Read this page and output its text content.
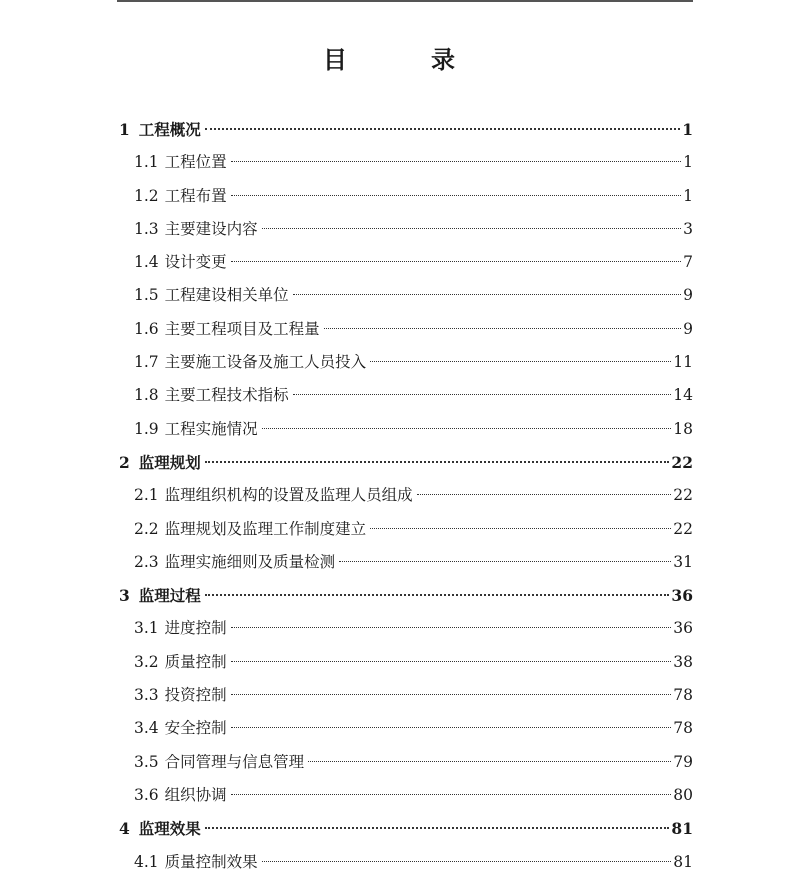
目　录
1 工程概况	1
1.1 工程位置	1
1.2 工程布置	1
1.3 主要建设内容	3
1.4 设计变更	7
1.5 工程建设相关单位	9
1.6 主要工程项目及工程量	9
1.7 主要施工设备及施工人员投入	11
1.8 主要工程技术指标	14
1.9 工程实施情况	18
2 监理规划	22
2.1 监理组织机构的设置及监理人员组成	22
2.2 监理规划及监理工作制度建立	22
2.3 监理实施细则及质量检测	31
3 监理过程	36
3.1 进度控制	36
3.2 质量控制	38
3.3 投资控制	78
3.4 安全控制	78
3.5 合同管理与信息管理	79
3.6 组织协调	80
4 监理效果	81
4.1 质量控制效果	81
